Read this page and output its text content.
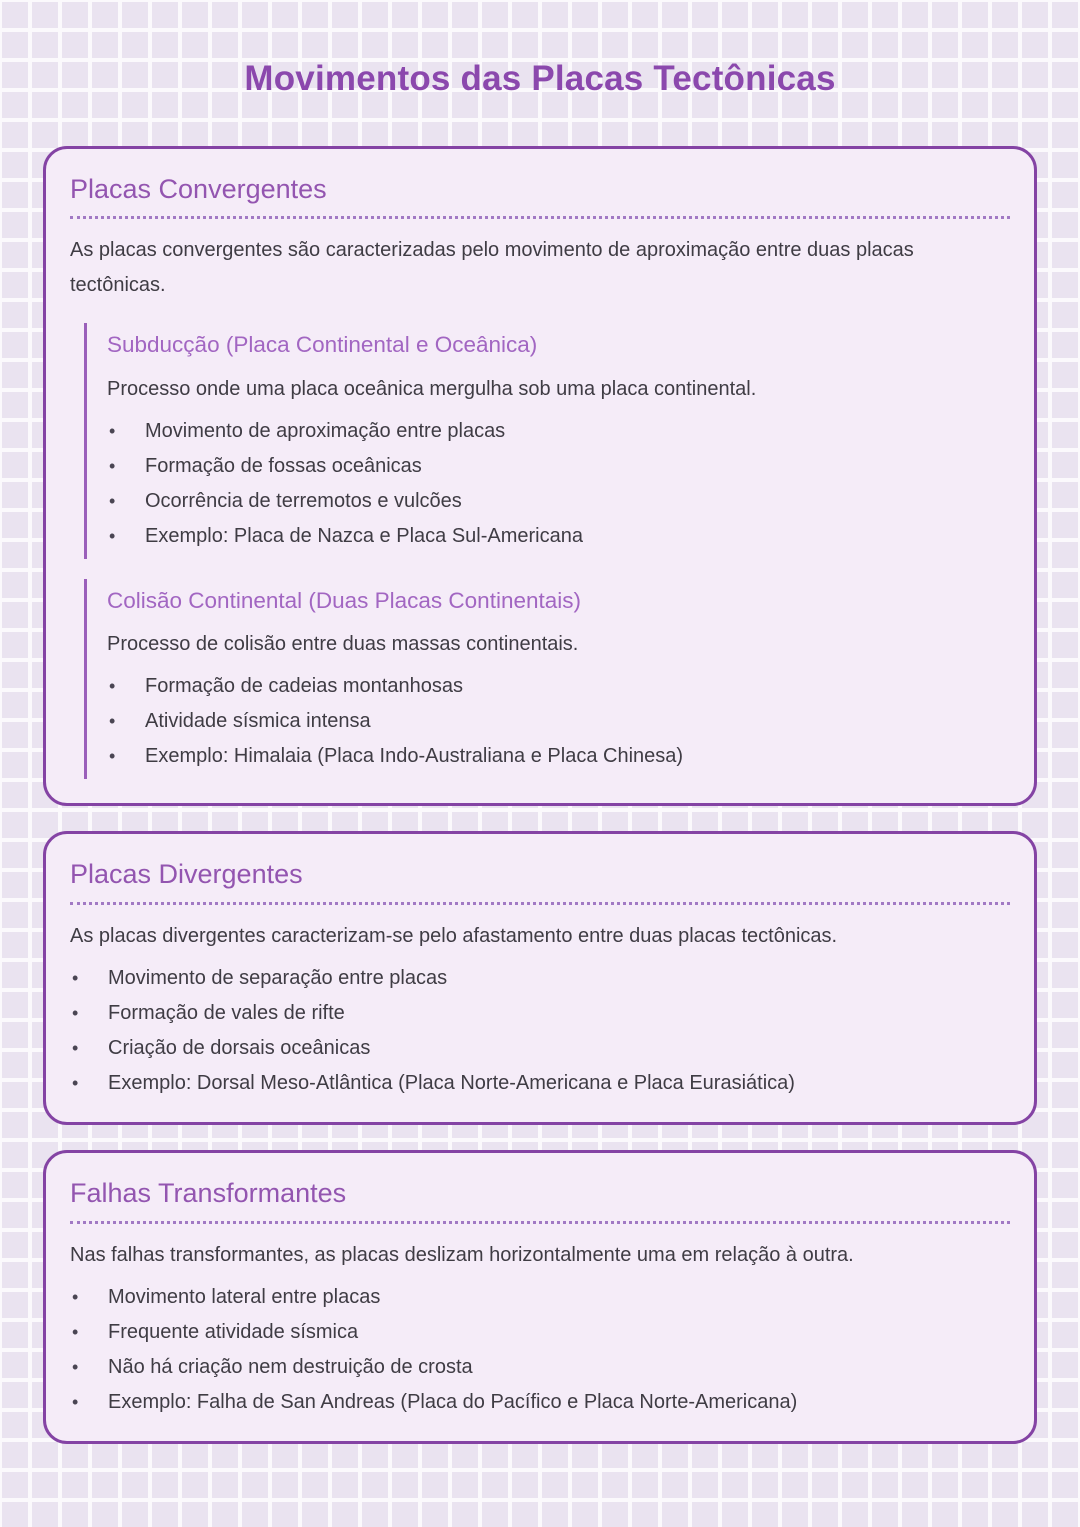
Movimentos das Placas Tectônicas
Placas Convergentes

As placas convergentes são caracterizadas pelo movimento de aproximação entre duas placas tectônicas.

Subducção (Placa Continental e Oceânica)

Processo onde uma placa oceânica mergulha sob uma placa continental.

•	Movimento de aproximação entre placas
•	Formação de fossas oceânicas
•	Ocorrência de terremotos e vulcões
•	Exemplo: Placa de Nazca e Placa Sul-Americana
Colisão Continental (Duas Placas Continentais)

Processo de colisão entre duas massas continentais.

•	Formação de cadeias montanhosas
•	Atividade sísmica intensa
•	Exemplo: Himalaia (Placa Indo-Australiana e Placa Chinesa)
Placas Divergentes

As placas divergentes caracterizam-se pelo afastamento entre duas placas tectônicas.

•	Movimento de separação entre placas
•	Formação de vales de rifte
•	Criação de dorsais oceânicas
•	Exemplo: Dorsal Meso-Atlântica (Placa Norte-Americana e Placa Eurasiática)
Falhas Transformantes

Nas falhas transformantes, as placas deslizam horizontalmente uma em relação à outra.

•	Movimento lateral entre placas
•	Frequente atividade sísmica
•	Não há criação nem destruição de crosta
•	Exemplo: Falha de San Andreas (Placa do Pacífico e Placa Norte-Americana)
